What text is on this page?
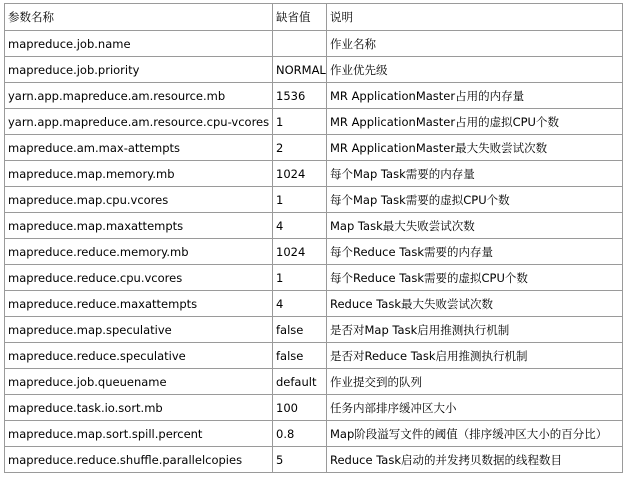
参数名称	缺省值	说明
mapreduce.job.name		作业名称
mapreduce.job.priority	NORMAL	作业优先级
yarn.app.mapreduce.am.resource.mb	1536	MR ApplicationMaster占用的内存量
yarn.app.mapreduce.am.resource.cpu-vcores	1	MR ApplicationMaster占用的虚拟CPU个数
mapreduce.am.max-attempts	2	MR ApplicationMaster最大失败尝试次数
mapreduce.map.memory.mb	1024	每个Map Task需要的内存量
mapreduce.map.cpu.vcores	1	每个Map Task需要的虚拟CPU个数
mapreduce.map.maxattempts	4	Map Task最大失败尝试次数
mapreduce.reduce.memory.mb	1024	每个Reduce Task需要的内存量
mapreduce.reduce.cpu.vcores	1	每个Reduce Task需要的虚拟CPU个数
mapreduce.reduce.maxattempts	4	Reduce Task最大失败尝试次数
mapreduce.map.speculative	false	是否对Map Task启用推测执行机制
mapreduce.reduce.speculative	false	是否对Reduce Task启用推测执行机制
mapreduce.job.queuename	default	作业提交到的队列
mapreduce.task.io.sort.mb	100	任务内部排序缓冲区大小
mapreduce.map.sort.spill.percent	0.8	Map阶段溢写文件的阈值（排序缓冲区大小的百分比）
mapreduce.reduce.shuffle.parallelcopies	5	Reduce Task启动的并发拷贝数据的线程数目
